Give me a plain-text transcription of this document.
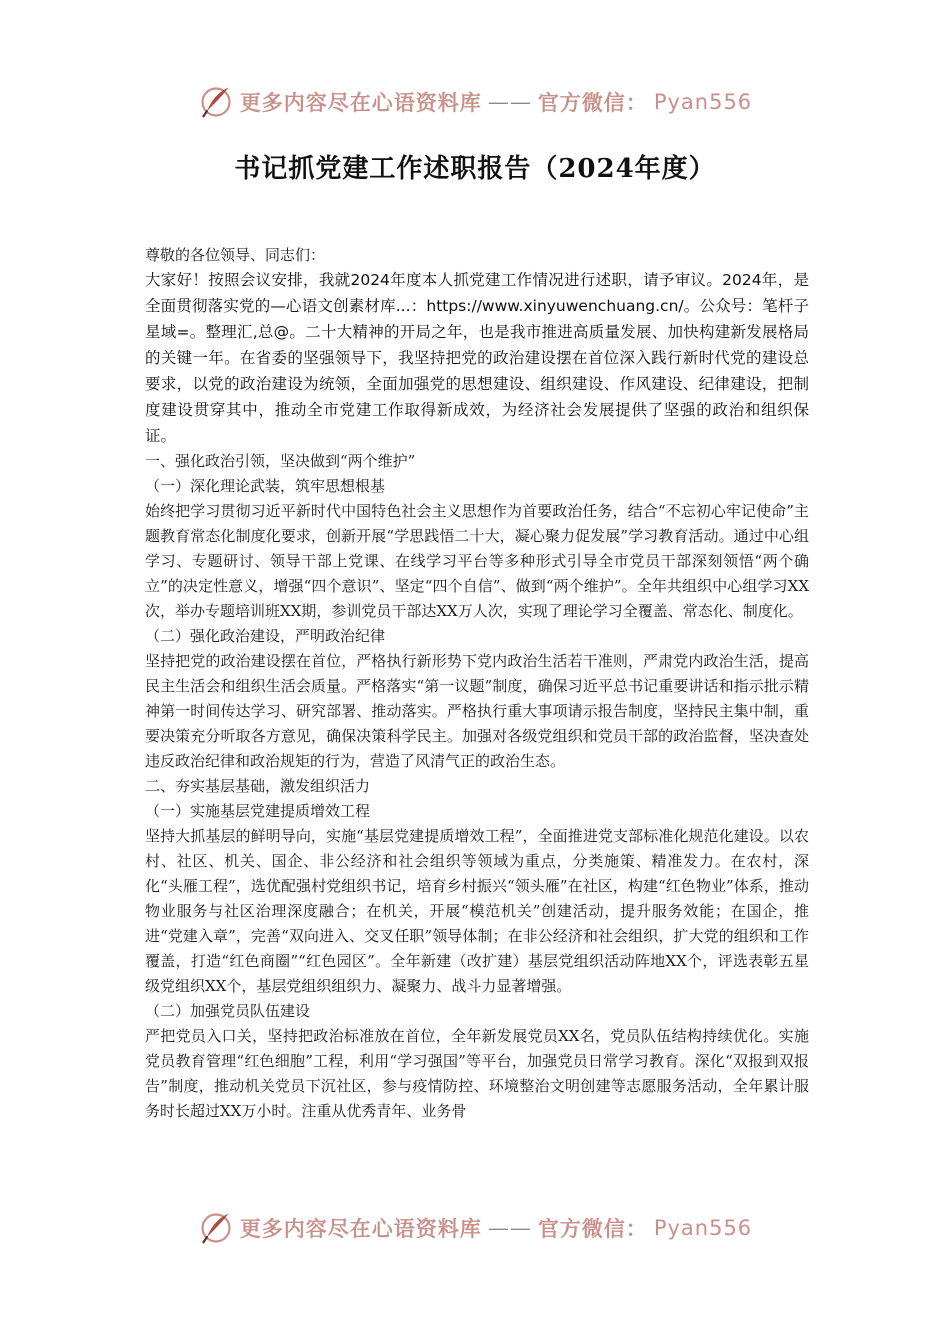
更多内容尽在心语资料库 —— 官方微信： Pyan556
书记抓党建工作述职报告（2024年度）

尊敬的各位领导、同志们：

大家好！按照会议安排，我就2024年度本人抓党建工作情况进行述职，请予审议。2024年，是全面贯彻落实党的—心语文创素材库...：https://www.xinyuwenchuang.cn/。公众号：笔杆子星域=。整理汇,总@。二十大精神的开局之年，也是我市推进高质量发展、加快构建新发展格局的关键一年。在省委的坚强领导下，我坚持把党的政治建设摆在首位深入践行新时代党的建设总要求，以党的政治建设为统领，全面加强党的思想建设、组织建设、作风建设、纪律建设，把制度建设贯穿其中，推动全市党建工作取得新成效，为经济社会发展提供了坚强的政治和组织保证。

一、强化政治引领，坚决做到“两个维护”

（一）深化理论武装，筑牢思想根基

始终把学习贯彻习近平新时代中国特色社会主义思想作为首要政治任务，结合“不忘初心牢记使命”主题教育常态化制度化要求，创新开展“学思践悟二十大，凝心聚力促发展”学习教育活动。通过中心组学习、专题研讨、领导干部上党课、在线学习平台等多种形式引导全市党员干部深刻领悟“两个确立”的决定性意义，增强“四个意识”、坚定“四个自信”、做到“两个维护”。全年共组织中心组学习XX次，举办专题培训班XX期，参训党员干部达XX万人次，实现了理论学习全覆盖、常态化、制度化。

（二）强化政治建设，严明政治纪律

坚持把党的政治建设摆在首位，严格执行新形势下党内政治生活若干准则，严肃党内政治生活，提高民主生活会和组织生活会质量。严格落实“第一议题”制度，确保习近平总书记重要讲话和指示批示精神第一时间传达学习、研究部署、推动落实。严格执行重大事项请示报告制度，坚持民主集中制，重要决策充分听取各方意见，确保决策科学民主。加强对各级党组织和党员干部的政治监督，坚决查处违反政治纪律和政治规矩的行为，营造了风清气正的政治生态。

二、夯实基层基础，激发组织活力

（一）实施基层党建提质增效工程

坚持大抓基层的鲜明导向，实施“基层党建提质增效工程”，全面推进党支部标准化规范化建设。以农村、社区、机关、国企、非公经济和社会组织等领域为重点，分类施策、精准发力。在农村，深化“头雁工程”，选优配强村党组织书记，培育乡村振兴“领头雁”在社区，构建“红色物业”体系，推动物业服务与社区治理深度融合；在机关，开展“模范机关”创建活动，提升服务效能；在国企，推进“党建入章”，完善“双向进入、交叉任职”领导体制；在非公经济和社会组织，扩大党的组织和工作覆盖，打造“红色商圈”“红色园区”。全年新建（改扩建）基层党组织活动阵地XX个，评选表彰五星级党组织XX个，基层党组织组织力、凝聚力、战斗力显著增强。

（二）加强党员队伍建设

严把党员入口关，坚持把政治标准放在首位，全年新发展党员XX名，党员队伍结构持续优化。实施党员教育管理“红色细胞”工程，利用“学习强国”等平台，加强党员日常学习教育。深化“双报到双报告”制度，推动机关党员下沉社区，参与疫情防控、环境整治文明创建等志愿服务活动，全年累计服务时长超过XX万小时。注重从优秀青年、业务骨

更多内容尽在心语资料库 —— 官方微信： Pyan556
